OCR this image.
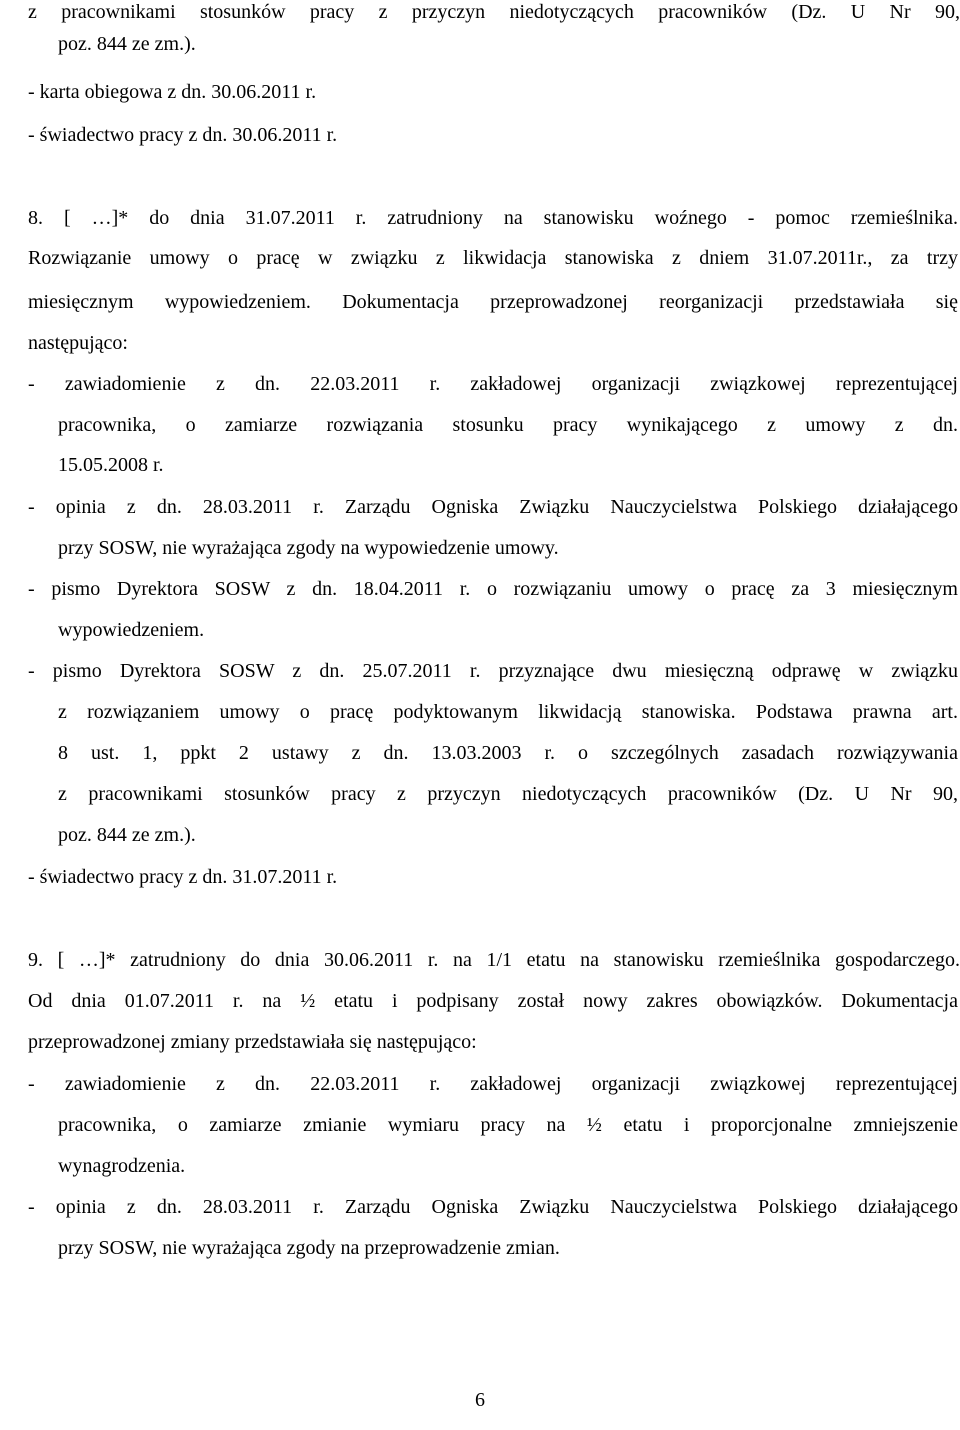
z pracownikami stosunków pracy z przyczyn niedotyczących pracowników (Dz. U Nr 90,
poz. 844 ze zm.).
- karta obiegowa z dn. 30.06.2011 r.
- świadectwo pracy z dn. 30.06.2011 r.
8. [ …]* do dnia 31.07.2011 r. zatrudniony na stanowisku woźnego - pomoc rzemieślnika.
Rozwiązanie umowy o pracę w związku z likwidacja stanowiska z dniem 31.07.2011r., za trzy
miesięcznym wypowiedzeniem. Dokumentacja przeprowadzonej reorganizacji przedstawiała się
następująco:
- zawiadomienie z dn. 22.03.2011 r. zakładowej organizacji związkowej reprezentującej
pracownika, o zamiarze rozwiązania stosunku pracy wynikającego z umowy z dn.
15.05.2008 r.
- opinia z dn. 28.03.2011 r. Zarządu Ogniska Związku Nauczycielstwa Polskiego działającego
przy SOSW, nie wyrażająca zgody na wypowiedzenie umowy.
- pismo Dyrektora SOSW z dn. 18.04.2011 r. o rozwiązaniu umowy o pracę za 3 miesięcznym
wypowiedzeniem.
- pismo Dyrektora SOSW z dn. 25.07.2011 r. przyznające dwu miesięczną odprawę w związku
z rozwiązaniem umowy o pracę podyktowanym likwidacją stanowiska. Podstawa prawna art.
8 ust. 1, ppkt 2 ustawy z dn. 13.03.2003 r. o szczególnych zasadach rozwiązywania
z pracownikami stosunków pracy z przyczyn niedotyczących pracowników (Dz. U Nr 90,
poz. 844 ze zm.).
- świadectwo pracy z dn. 31.07.2011 r.
9. [ …]* zatrudniony do dnia 30.06.2011 r. na 1/1 etatu na stanowisku rzemieślnika gospodarczego.
Od dnia 01.07.2011 r. na ½ etatu i podpisany został nowy zakres obowiązków. Dokumentacja
przeprowadzonej zmiany przedstawiała się następująco:
- zawiadomienie z dn. 22.03.2011 r. zakładowej organizacji związkowej reprezentującej
pracownika, o zamiarze zmianie wymiaru pracy na ½ etatu i proporcjonalne zmniejszenie
wynagrodzenia.
- opinia z dn. 28.03.2011 r. Zarządu Ogniska Związku Nauczycielstwa Polskiego działającego
przy SOSW, nie wyrażająca zgody na przeprowadzenie zmian.
6
